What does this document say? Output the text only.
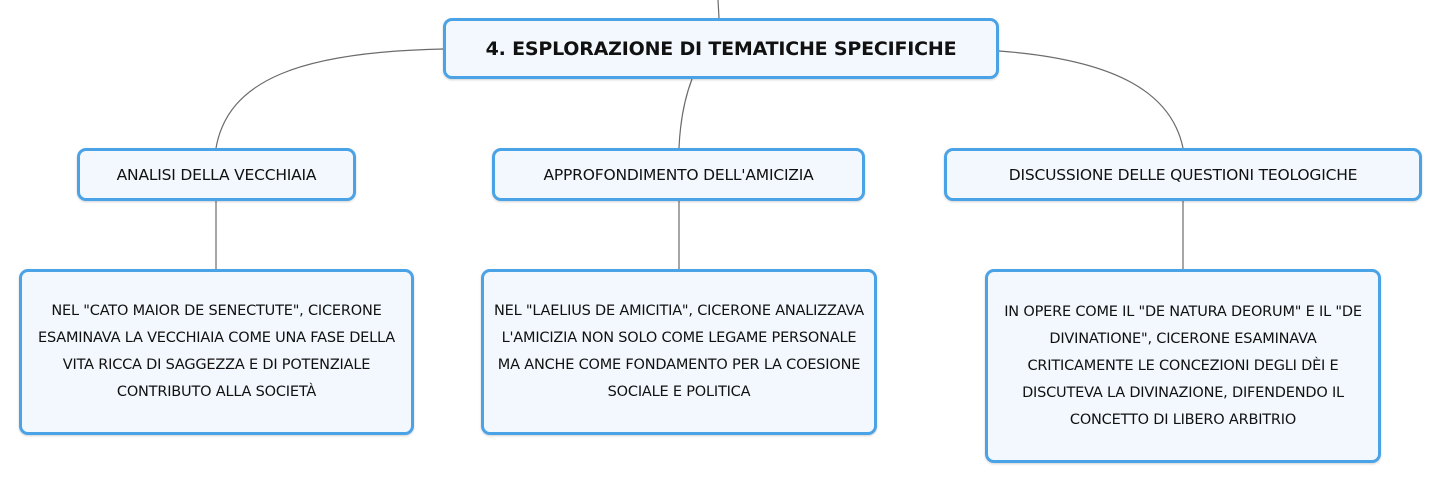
4. ESPLORAZIONE DI TEMATICHE SPECIFICHE
ANALISI DELLA VECCHIAIA	APPROFONDIMENTO DELL'AMICIZIA	DISCUSSIONE DELLE QUESTIONI TEOLOGICHE
NEL "CATO MAIOR DE SENECTUTE", CICERONE ESAMINAVA LA VECCHIAIA COME UNA FASE DELLA VITA RICCA DI SAGGEZZA E DI POTENZIALE CONTRIBUTO ALLA SOCIETÀ
NEL "LAELIUS DE AMICITIA", CICERONE ANALIZZAVA L'AMICIZIA NON SOLO COME LEGAME PERSONALE MA ANCHE COME FONDAMENTO PER LA COESIONE SOCIALE E POLITICA
IN OPERE COME IL "DE NATURA DEORUM" E IL "DE DIVINATIONE", CICERONE ESAMINAVA CRITICAMENTE LE CONCEZIONI DEGLI DÈI E DISCUTEVA LA DIVINAZIONE, DIFENDENDO IL CONCETTO DI LIBERO ARBITRIO
